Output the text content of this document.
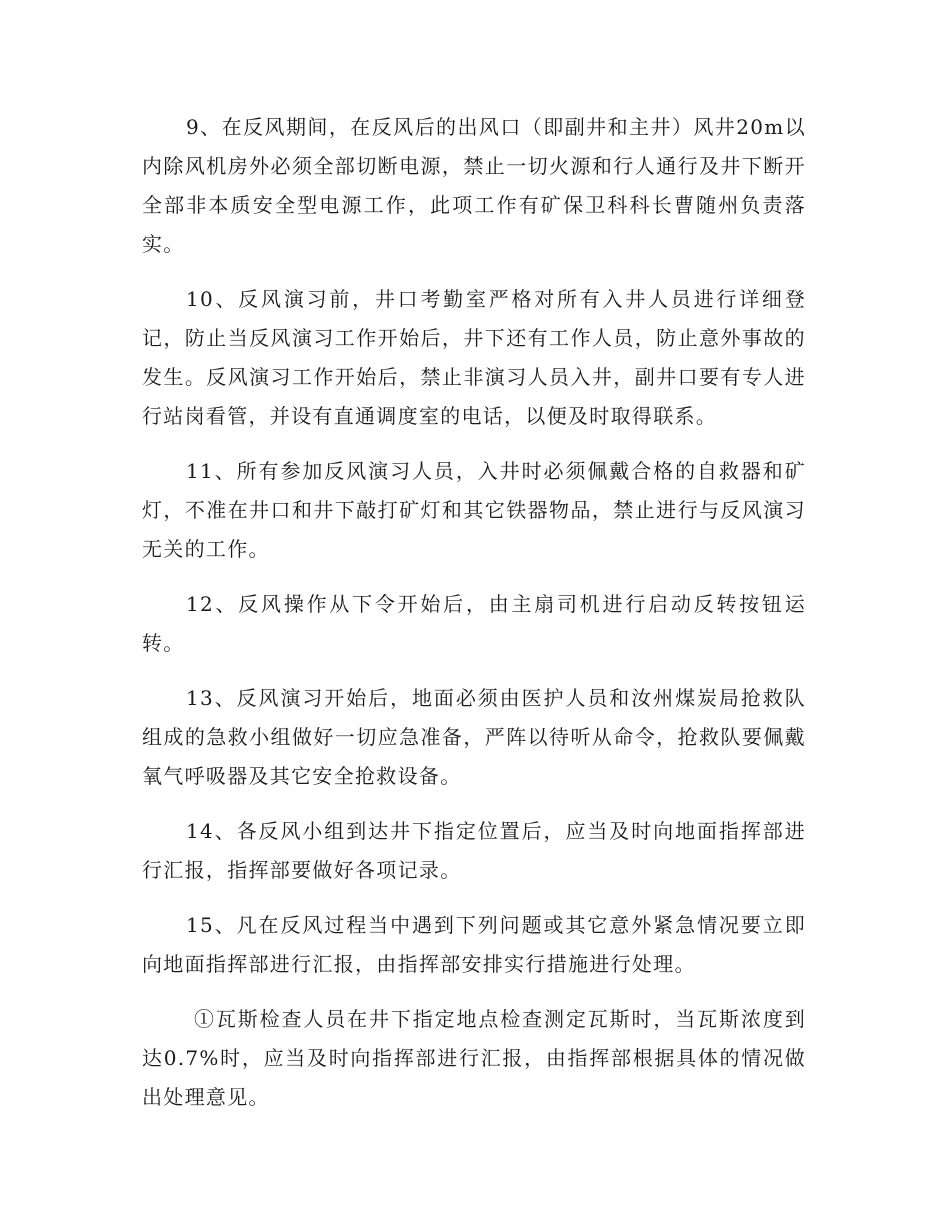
9、在反风期间，在反风后的出风口（即副井和主井）风井20m以内除风机房外必须全部切断电源，禁止一切火源和行人通行及井下断开全部非本质安全型电源工作，此项工作有矿保卫科科长曹随州负责落实。

10、反风演习前，井口考勤室严格对所有入井人员进行详细登记，防止当反风演习工作开始后，井下还有工作人员，防止意外事故的发生。反风演习工作开始后，禁止非演习人员入井，副井口要有专人进行站岗看管，并设有直通调度室的电话，以便及时取得联系。

11、所有参加反风演习人员，入井时必须佩戴合格的自救器和矿灯，不准在井口和井下敲打矿灯和其它铁器物品，禁止进行与反风演习无关的工作。

12、反风操作从下令开始后，由主扇司机进行启动反转按钮运转。

13、反风演习开始后，地面必须由医护人员和汝州煤炭局抢救队组成的急救小组做好一切应急准备，严阵以待听从命令，抢救队要佩戴氧气呼吸器及其它安全抢救设备。

14、各反风小组到达井下指定位置后，应当及时向地面指挥部进行汇报，指挥部要做好各项记录。

15、凡在反风过程当中遇到下列问题或其它意外紧急情况要立即向地面指挥部进行汇报，由指挥部安排实行措施进行处理。

①瓦斯检查人员在井下指定地点检查测定瓦斯时，当瓦斯浓度到达0.7%时，应当及时向指挥部进行汇报，由指挥部根据具体的情况做出处理意见。
